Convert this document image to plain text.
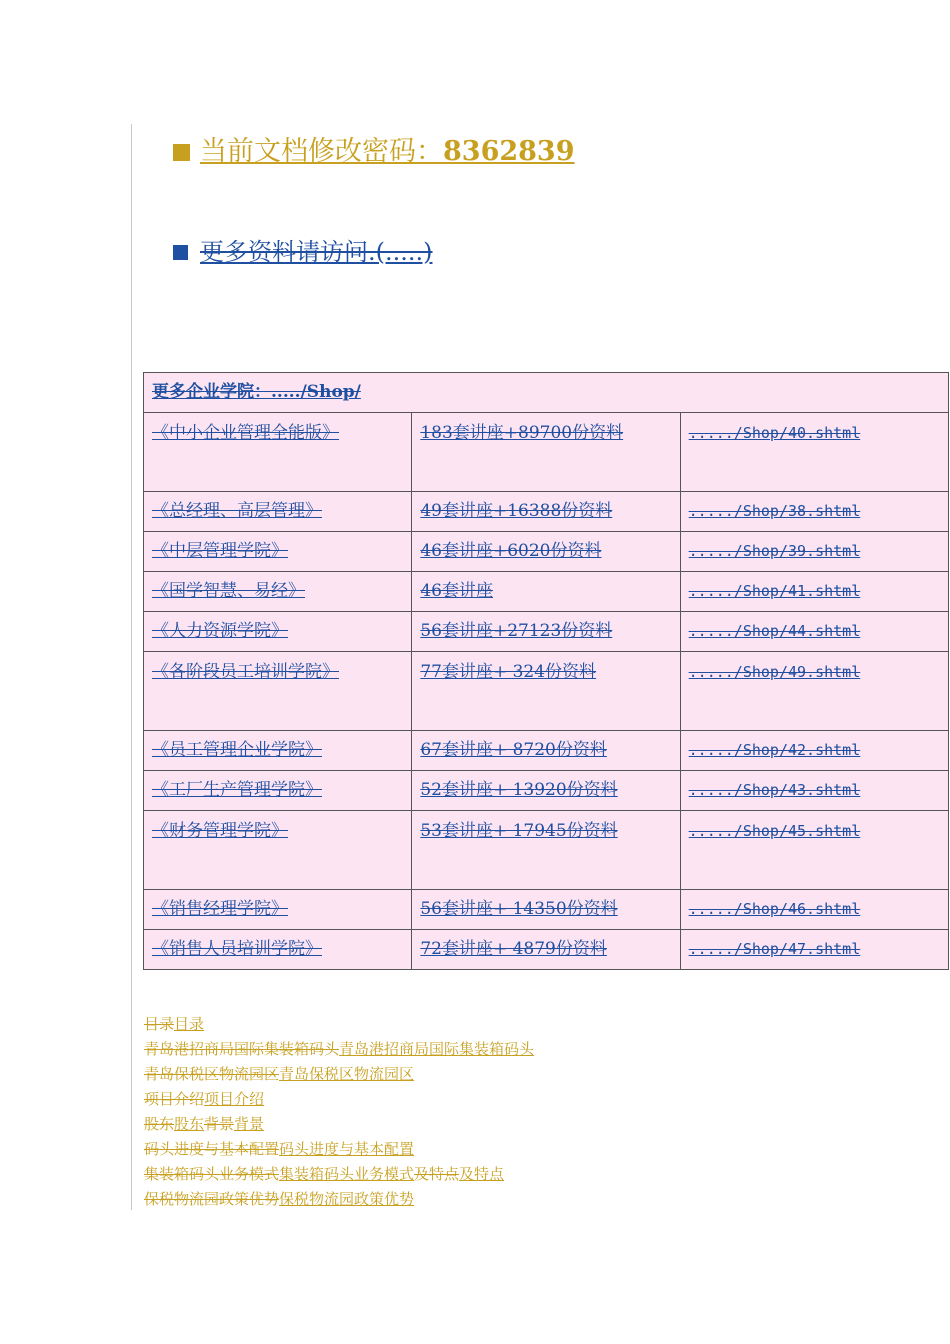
当前文档修改密码：8362839
更多资料请访问.(.....)
更多企业学院：...../Shop/		
《中小企业管理全能版》	183套讲座+89700份资料	...../Shop/40.shtml
《总经理、高层管理》	49套讲座+16388份资料	...../Shop/38.shtml
《中层管理学院》	46套讲座+6020份资料	...../Shop/39.shtml
《国学智慧、易经》	46套讲座	...../Shop/41.shtml
《人力资源学院》	56套讲座+27123份资料	...../Shop/44.shtml
《各阶段员工培训学院》	77套讲座+ 324份资料	...../Shop/49.shtml
《员工管理企业学院》	67套讲座+ 8720份资料	...../Shop/42.shtml
《工厂生产管理学院》	52套讲座+ 13920份资料	...../Shop/43.shtml
《财务管理学院》	53套讲座+ 17945份资料	...../Shop/45.shtml
《销售经理学院》	56套讲座+ 14350份资料	...../Shop/46.shtml
《销售人员培训学院》	72套讲座+ 4879份资料	...../Shop/47.shtml
目录目录
青岛港招商局国际集装箱码头青岛港招商局国际集装箱码头
青岛保税区物流园区青岛保税区物流园区
项目介绍项目介绍
股东股东背景背景
码头进度与基本配置码头进度与基本配置
集装箱码头业务模式集装箱码头业务模式及特点及特点
保税物流园政策优势保税物流园政策优势
